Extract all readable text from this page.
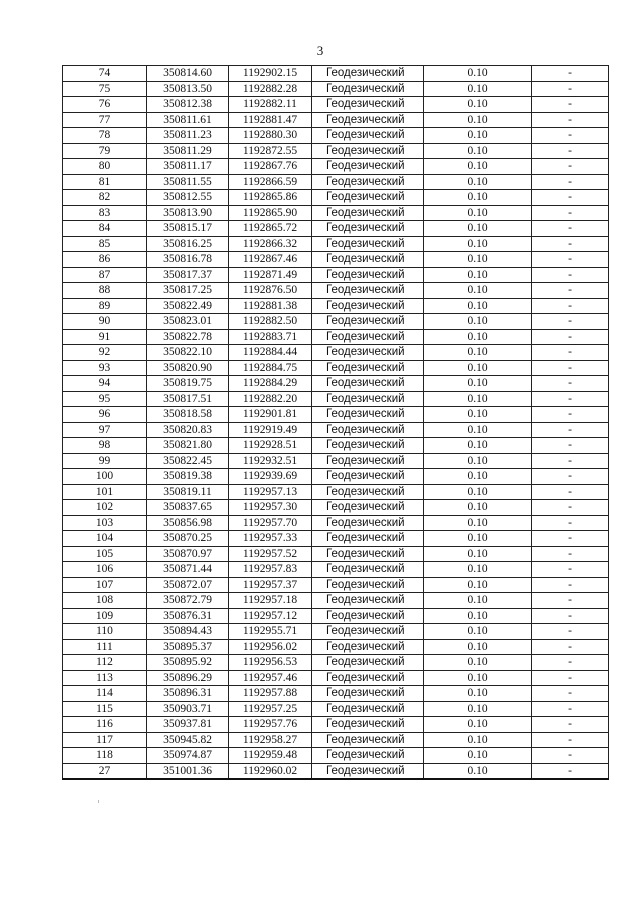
3
74	350814.60	1192902.15	Геодезический	0.10	-
75	350813.50	1192882.28	Геодезический	0.10	-
76	350812.38	1192882.11	Геодезический	0.10	-
77	350811.61	1192881.47	Геодезический	0.10	-
78	350811.23	1192880.30	Геодезический	0.10	-
79	350811.29	1192872.55	Геодезический	0.10	-
80	350811.17	1192867.76	Геодезический	0.10	-
81	350811.55	1192866.59	Геодезический	0.10	-
82	350812.55	1192865.86	Геодезический	0.10	-
83	350813.90	1192865.90	Геодезический	0.10	-
84	350815.17	1192865.72	Геодезический	0.10	-
85	350816.25	1192866.32	Геодезический	0.10	-
86	350816.78	1192867.46	Геодезический	0.10	-
87	350817.37	1192871.49	Геодезический	0.10	-
88	350817.25	1192876.50	Геодезический	0.10	-
89	350822.49	1192881.38	Геодезический	0.10	-
90	350823.01	1192882.50	Геодезический	0.10	-
91	350822.78	1192883.71	Геодезический	0.10	-
92	350822.10	1192884.44	Геодезический	0.10	-
93	350820.90	1192884.75	Геодезический	0.10	-
94	350819.75	1192884.29	Геодезический	0.10	-
95	350817.51	1192882.20	Геодезический	0.10	-
96	350818.58	1192901.81	Геодезический	0.10	-
97	350820.83	1192919.49	Геодезический	0.10	-
98	350821.80	1192928.51	Геодезический	0.10	-
99	350822.45	1192932.51	Геодезический	0.10	-
100	350819.38	1192939.69	Геодезический	0.10	-
101	350819.11	1192957.13	Геодезический	0.10	-
102	350837.65	1192957.30	Геодезический	0.10	-
103	350856.98	1192957.70	Геодезический	0.10	-
104	350870.25	1192957.33	Геодезический	0.10	-
105	350870.97	1192957.52	Геодезический	0.10	-
106	350871.44	1192957.83	Геодезический	0.10	-
107	350872.07	1192957.37	Геодезический	0.10	-
108	350872.79	1192957.18	Геодезический	0.10	-
109	350876.31	1192957.12	Геодезический	0.10	-
110	350894.43	1192955.71	Геодезический	0.10	-
111	350895.37	1192956.02	Геодезический	0.10	-
112	350895.92	1192956.53	Геодезический	0.10	-
113	350896.29	1192957.46	Геодезический	0.10	-
114	350896.31	1192957.88	Геодезический	0.10	-
115	350903.71	1192957.25	Геодезический	0.10	-
116	350937.81	1192957.76	Геодезический	0.10	-
117	350945.82	1192958.27	Геодезический	0.10	-
118	350974.87	1192959.48	Геодезический	0.10	-
27	351001.36	1192960.02	Геодезический	0.10	-
